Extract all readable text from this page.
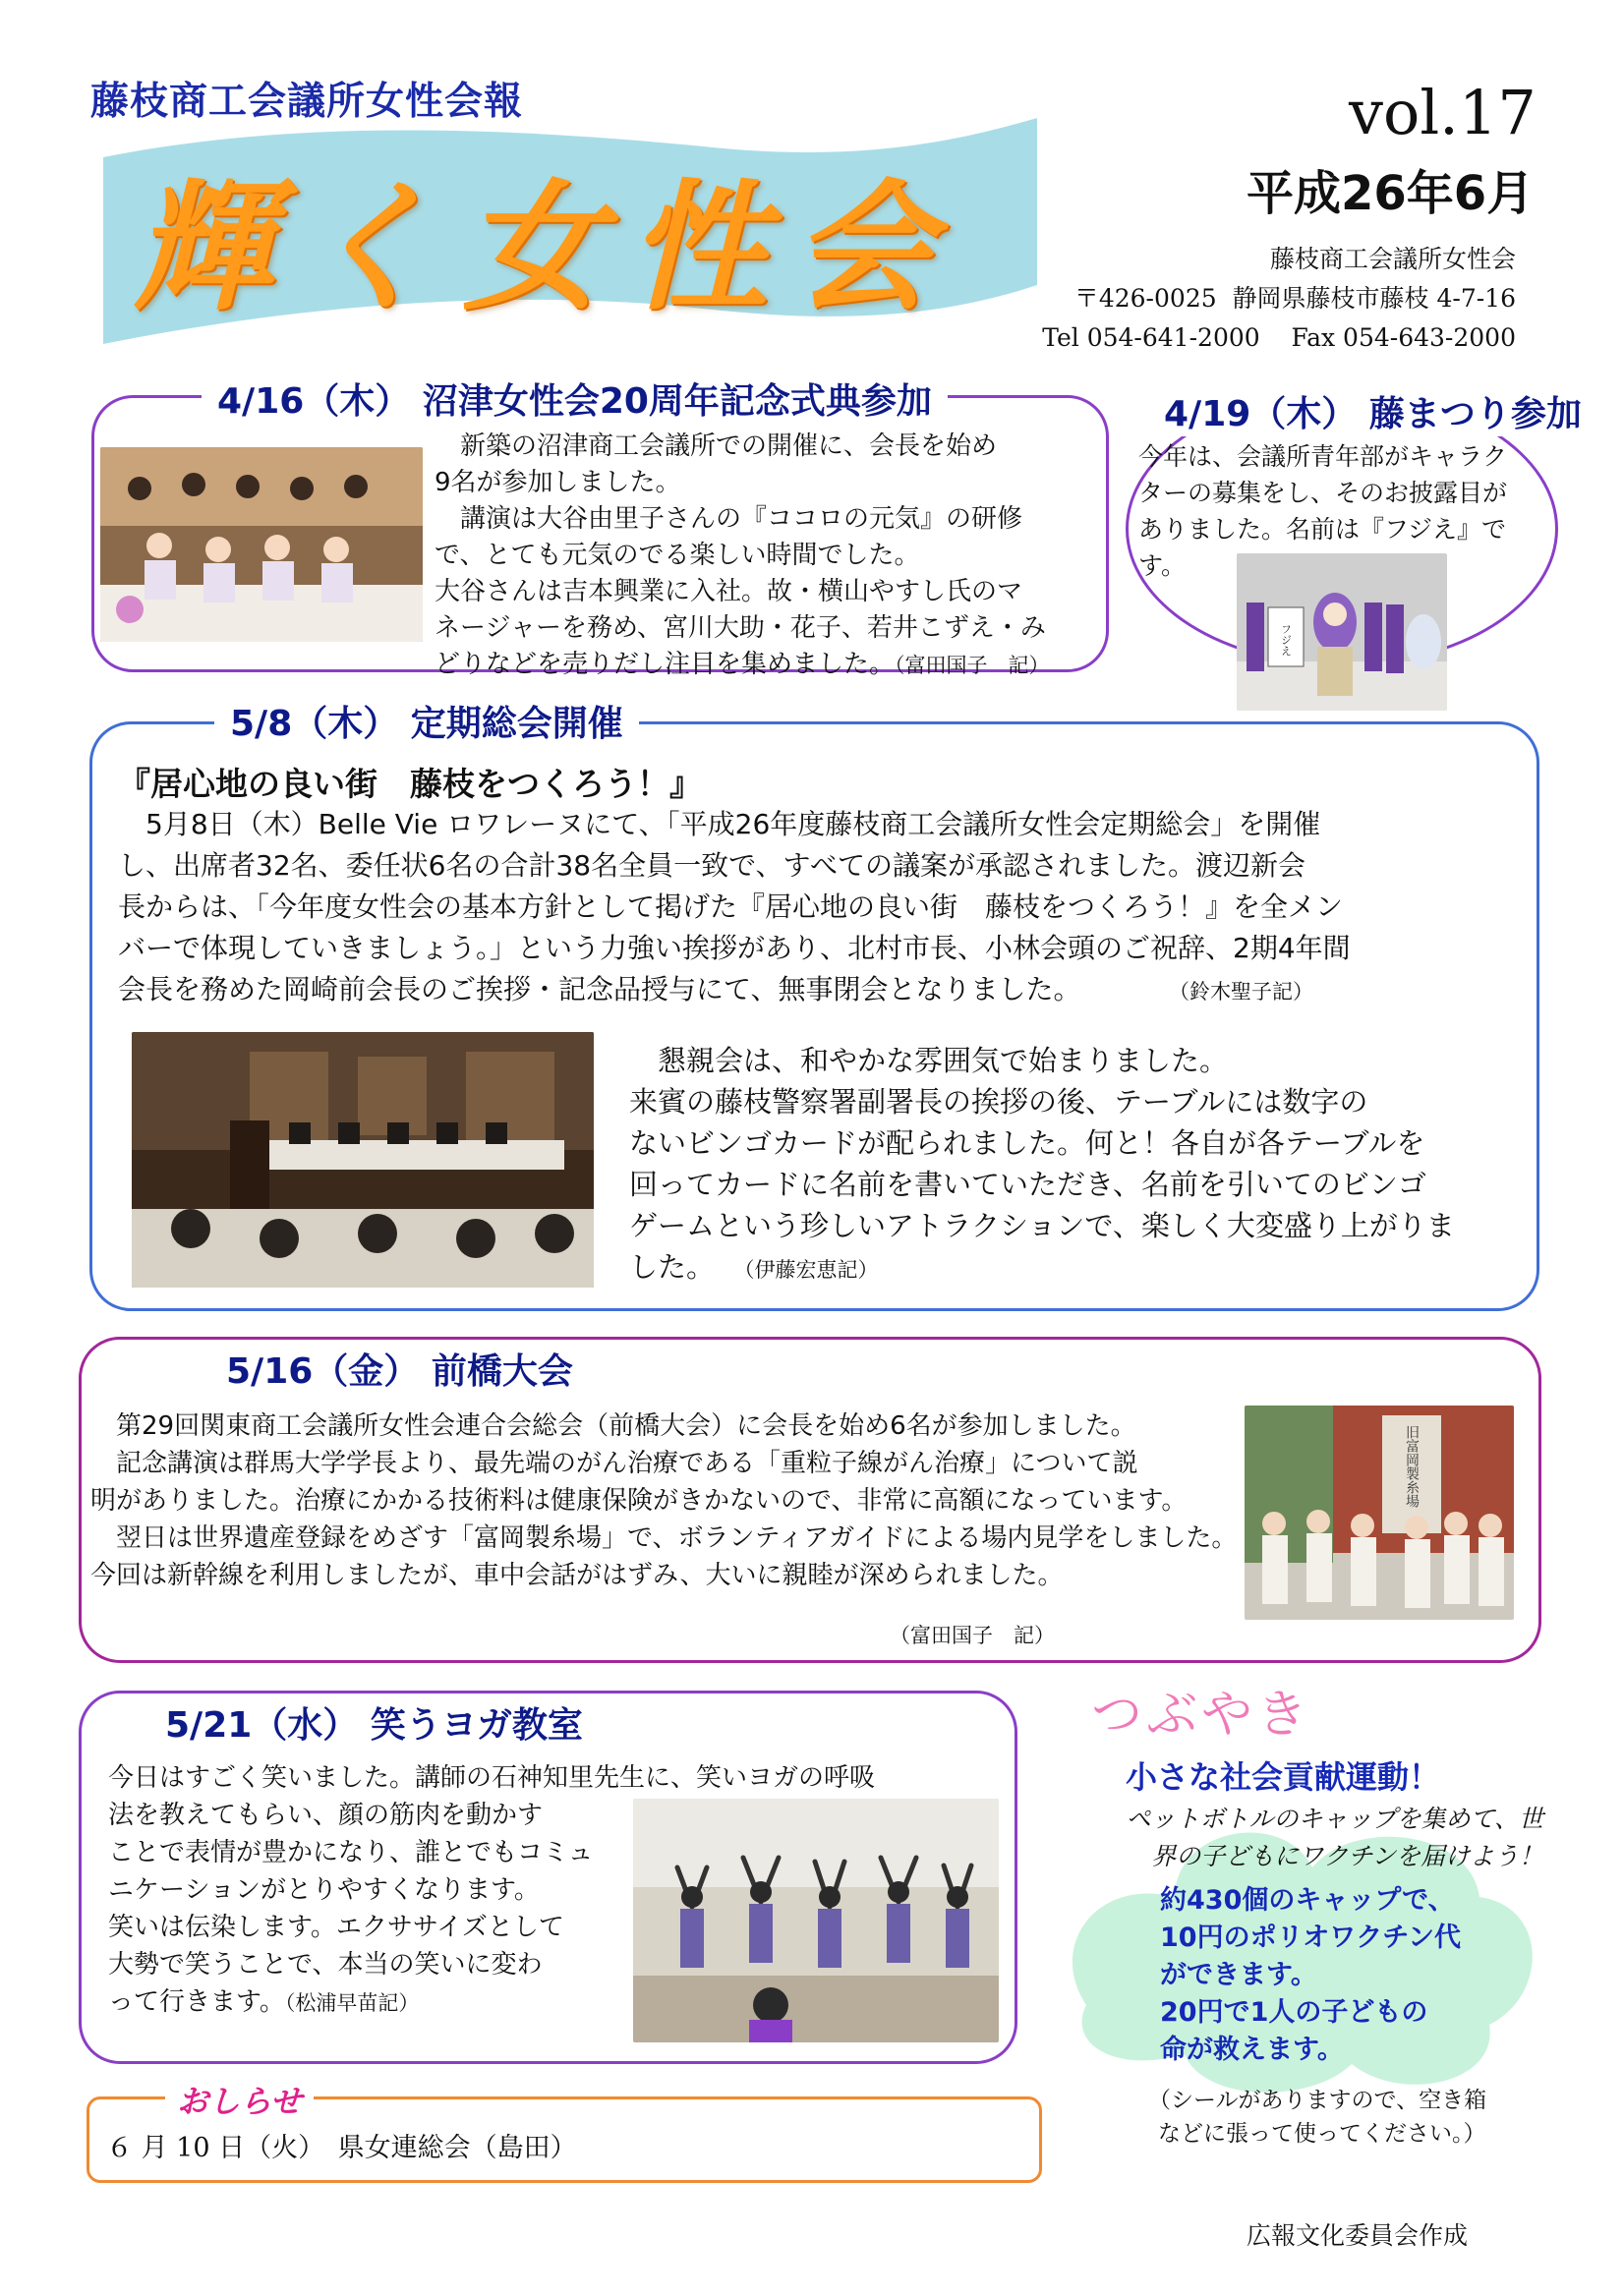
藤枝商工会議所女性会報
輝く女性会
vol.17
平成26年6月
藤枝商工会議所女性会
〒426-0025  静岡県藤枝市藤枝 4-7-16
Tel 054-641-2000    Fax 054-643-2000
4/16（木） 沼津女性会20周年記念式典参加

　新築の沼津商工会議所での開催に、会長を始め

9名が参加しました。

　講演は大谷由里子さんの『ココロの元気』の研修

で、とても元気のでる楽しい時間でした。

大谷さんは吉本興業に入社。故・横山やすし氏のマ

ネージャーを務め、宮川大助・花子、若井こずえ・み

どりなどを売りだし注目を集めました。（富田国子　記）

4/19（木） 藤まつり参加

今年は、会議所青年部がキャラク

ターの募集をし、そのお披露目が

ありました。名前は『フジえ』です。

フジえ
5/8（木） 定期総会開催
『居心地の良い街　藤枝をつくろう！』

　5月8日（木）Belle Vie ロワレーヌにて、「平成26年度藤枝商工会議所女性会定期総会」を開催

し、出席者32名、委任状6名の合計38名全員一致で、すべての議案が承認されました。渡辺新会

長からは、「今年度女性会の基本方針として掲げた『居心地の良い街　藤枝をつくろう！』を全メン

バーで体現していきましょう。」という力強い挨拶があり、北村市長、小林会頭のご祝辞、2期4年間

会長を務めた岡崎前会長のご挨拶・記念品授与にて、無事閉会となりました。	（鈴木聖子記）

　懇親会は、和やかな雰囲気で始まりました。

来賓の藤枝警察署副署長の挨拶の後、テーブルには数字の

ないビンゴカードが配られました。何と！各自が各テーブルを

回ってカードに名前を書いていただき、名前を引いてのビンゴ

ゲームという珍しいアトラクションで、楽しく大変盛り上がりま

した。 （伊藤宏恵記）

5/16（金） 前橋大会

　第29回関東商工会議所女性会連合会総会（前橋大会）に会長を始め6名が参加しました。

　記念講演は群馬大学学長より、最先端のがん治療である「重粒子線がん治療」について説

明がありました。治療にかかる技術料は健康保険がきかないので、非常に高額になっています。

　翌日は世界遺産登録をめざす「富岡製糸場」で、ボランティアガイドによる場内見学をしました。

今回は新幹線を利用しましたが、車中会話がはずみ、大いに親睦が深められました。

（富田国子　記）
旧富岡製糸場
5/21（水） 笑うヨガ教室

今日はすごく笑いました。講師の石神知里先生に、笑いヨガの呼吸

法を教えてもらい、顔の筋肉を動かす

ことで表情が豊かになり、誰とでもコミュ

ニケーションがとりやすくなります。

笑いは伝染します。エクササイズとして

大勢で笑うことで、本当の笑いに変わ

って行きます。（松浦早苗記）

おしらせ
６ 月 10 日（火）　県女連総会（島田）
つぶやき
小さな社会貢献運動！
ペットボトルのキャップを集めて、世
界の子どもにワクチンを届けよう！
約430個のキャップで、
10円のポリオワクチン代
ができます。
20円で1人の子どもの
命が救えます。
（シールがありますので、空き箱
などに張って使ってください。）
広報文化委員会作成
